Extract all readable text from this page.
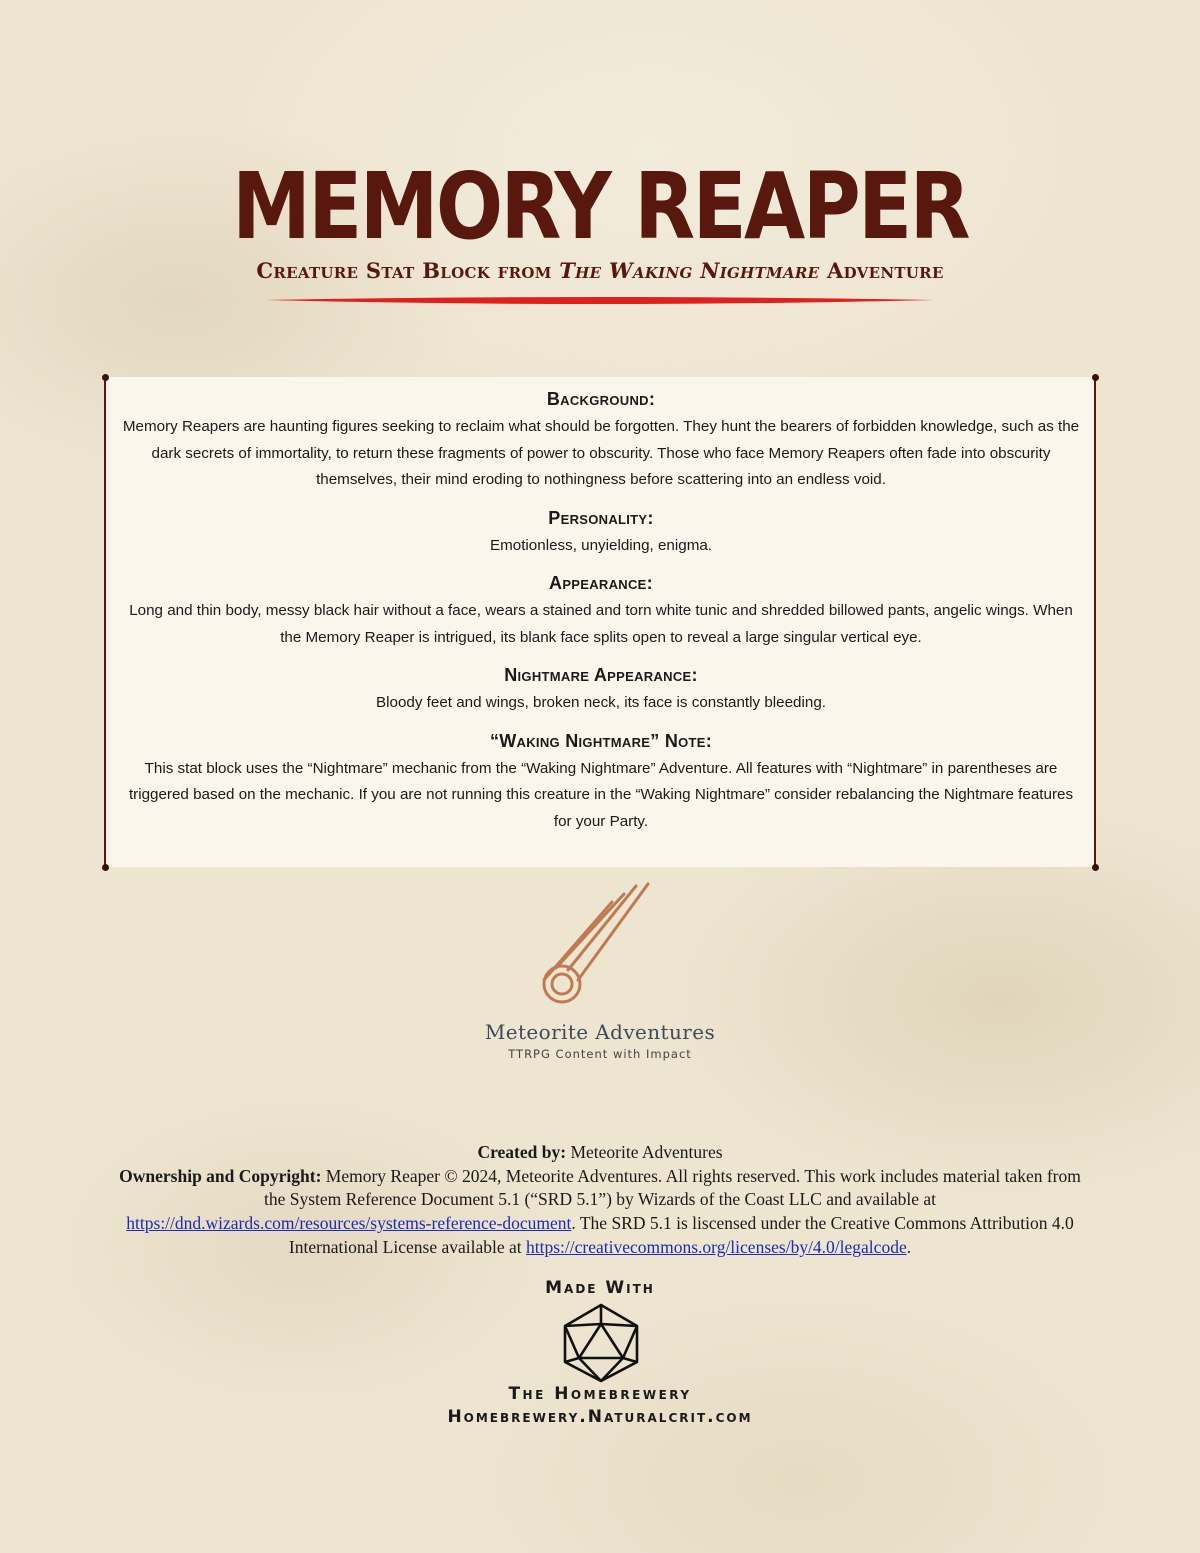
MEMORY REAPER
Creature Stat Block from The Waking Nightmare Adventure
Background:

Memory Reapers are haunting figures seeking to reclaim what should be forgotten. They hunt the bearers of forbidden knowledge, such as the dark secrets of immortality, to return these fragments of power to obscurity. Those who face Memory Reapers often fade into obscurity themselves, their mind eroding to nothingness before scattering into an endless void.

Personality:

Emotionless, unyielding, enigma.

Appearance:

Long and thin body, messy black hair without a face, wears a stained and torn white tunic and shredded billowed pants, angelic wings. When the Memory Reaper is intrigued, its blank face splits open to reveal a large singular vertical eye.

Nightmare Appearance:

Bloody feet and wings, broken neck, its face is constantly bleeding.

“Waking Nightmare” Note:

This stat block uses the “Nightmare” mechanic from the “Waking Nightmare” Adventure. All features with “Nightmare” in parentheses are triggered based on the mechanic. If you are not running this creature in the “Waking Nightmare” consider rebalancing the Nightmare features for your Party.

Meteorite Adventures
TTRPG Content with Impact
Created by: Meteorite Adventures
Ownership and Copyright: Memory Reaper © 2024, Meteorite Adventures. All rights reserved. This work includes material taken from the System Reference Document 5.1 (“SRD 5.1”) by Wizards of the Coast LLC and available at https://dnd.wizards.com/resources/systems-reference-document. The SRD 5.1 is liscensed under the Creative Commons Attribution 4.0 International License available at https://creativecommons.org/licenses/by/4.0/legalcode.
Made With
The Homebrewery
Homebrewery.Naturalcrit.com
